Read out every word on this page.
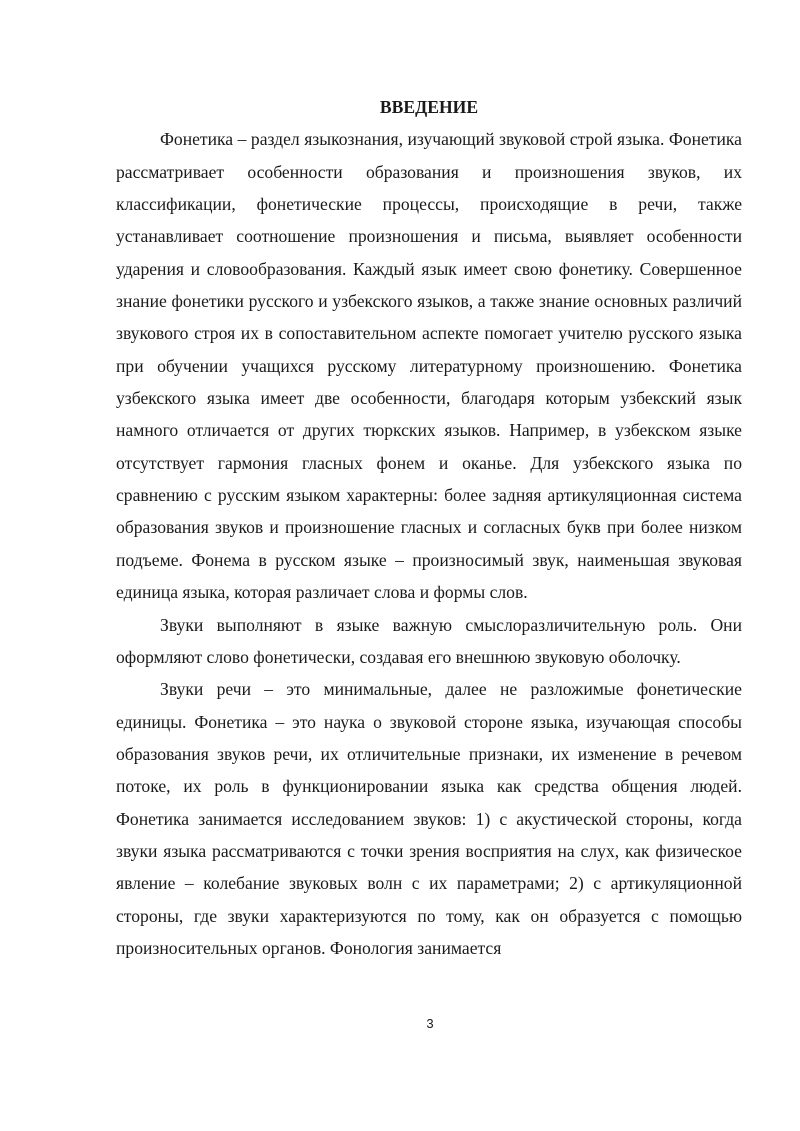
ВВЕДЕНИЕ

Фонетика – раздел языкознания, изучающий звуковой строй языка. Фонетика рассматривает особенности образования и произношения звуков, их классификации, фонетические процессы, происходящие в речи, также устанавливает соотношение произношения и письма, выявляет особенности ударения и словообразования. Каждый язык имеет свою фонетику. Совершенное знание фонетики русского и узбекского языков, а также знание основных различий звукового строя их в сопоставительном аспекте помогает учителю русского языка при обучении учащихся русскому литературному произношению. Фонетика узбекского языка имеет две особенности, благодаря которым узбекский язык намного отличается от других тюркских языков. Например, в узбекском языке отсутствует гармония гласных фонем и оканье. Для узбекского языка по сравнению с русским языком характерны: более задняя артикуляционная система образования звуков и произношение гласных и согласных букв при более низком подъеме. Фонема в русском языке – произносимый звук, наименьшая звуковая единица языка, которая различает слова и формы слов.

Звуки выполняют в языке важную смыслоразличительную роль. Они оформляют слово фонетически, создавая его внешнюю звуковую оболочку.

Звуки речи – это минимальные, далее не разложимые фонетические единицы. Фонетика – это наука о звуковой стороне языка, изучающая способы образования звуков речи, их отличительные признаки, их изменение в речевом потоке, их роль в функционировании языка как средства общения людей. Фонетика занимается исследованием звуков: 1) с акустической стороны, когда звуки языка рассматриваются с точки зрения восприятия на слух, как физическое явление – колебание звуковых волн с их параметрами; 2) с артикуляционной стороны, где звуки характеризуются по тому, как он образуется с помощью произносительных органов. Фонология занимается

3
